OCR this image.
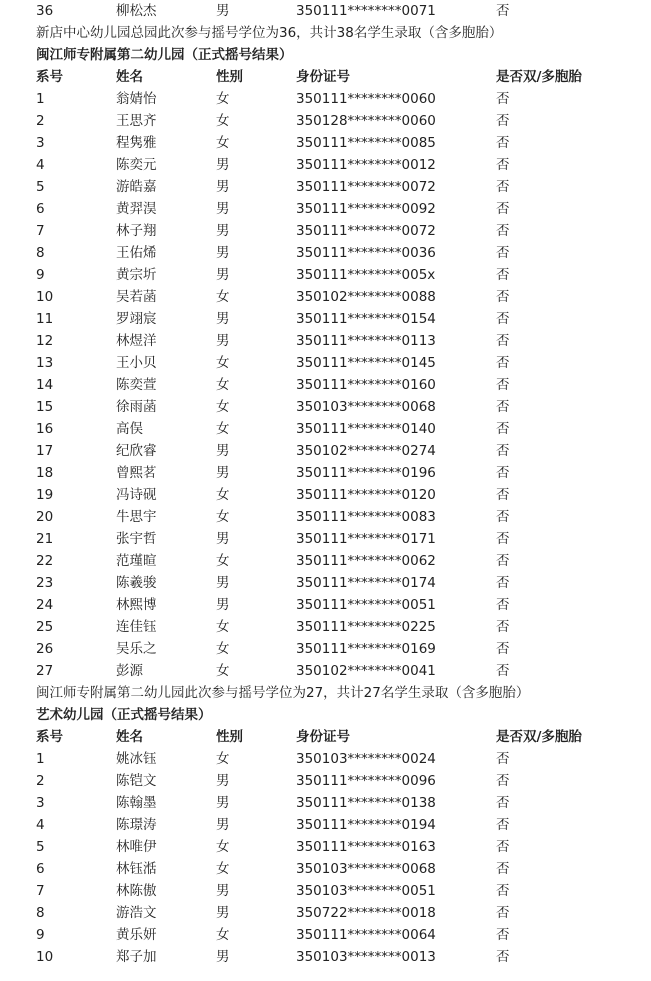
36	柳松杰	男	350111********0071	否
新店中心幼儿园总园此次参与摇号学位为36，共计38名学生录取（含多胞胎）
闽江师专附属第二幼儿园（正式摇号结果）
系号	姓名	性别	身份证号	是否双/多胞胎
1	翁婧怡	女	350111********0060	否
2	王思齐	女	350128********0060	否
3	程隽雅	女	350111********0085	否
4	陈奕元	男	350111********0012	否
5	游皓嘉	男	350111********0072	否
6	黄羿淏	男	350111********0092	否
7	林子翔	男	350111********0072	否
8	王佑烯	男	350111********0036	否
9	黄宗圻	男	350111********005x	否
10	吴若菡	女	350102********0088	否
11	罗翊宸	男	350111********0154	否
12	林煜洋	男	350111********0113	否
13	王小贝	女	350111********0145	否
14	陈奕萱	女	350111********0160	否
15	徐雨菡	女	350103********0068	否
16	高俣	女	350111********0140	否
17	纪欣睿	男	350102********0274	否
18	曾熙茗	男	350111********0196	否
19	冯诗砚	女	350111********0120	否
20	牛思宇	女	350111********0083	否
21	张宇哲	男	350111********0171	否
22	范瑾暄	女	350111********0062	否
23	陈羲骏	男	350111********0174	否
24	林熙博	男	350111********0051	否
25	连佳钰	女	350111********0225	否
26	吴乐之	女	350111********0169	否
27	彭源	女	350102********0041	否
闽江师专附属第二幼儿园此次参与摇号学位为27，共计27名学生录取（含多胞胎）
艺术幼儿园（正式摇号结果）
系号	姓名	性别	身份证号	是否双/多胞胎
1	姚冰钰	女	350103********0024	否
2	陈铠文	男	350111********0096	否
3	陈翰墨	男	350111********0138	否
4	陈璟涛	男	350111********0194	否
5	林唯伊	女	350111********0163	否
6	林钰湉	女	350103********0068	否
7	林陈傲	男	350103********0051	否
8	游浩文	男	350722********0018	否
9	黄乐妍	女	350111********0064	否
10	郑子加	男	350103********0013	否
